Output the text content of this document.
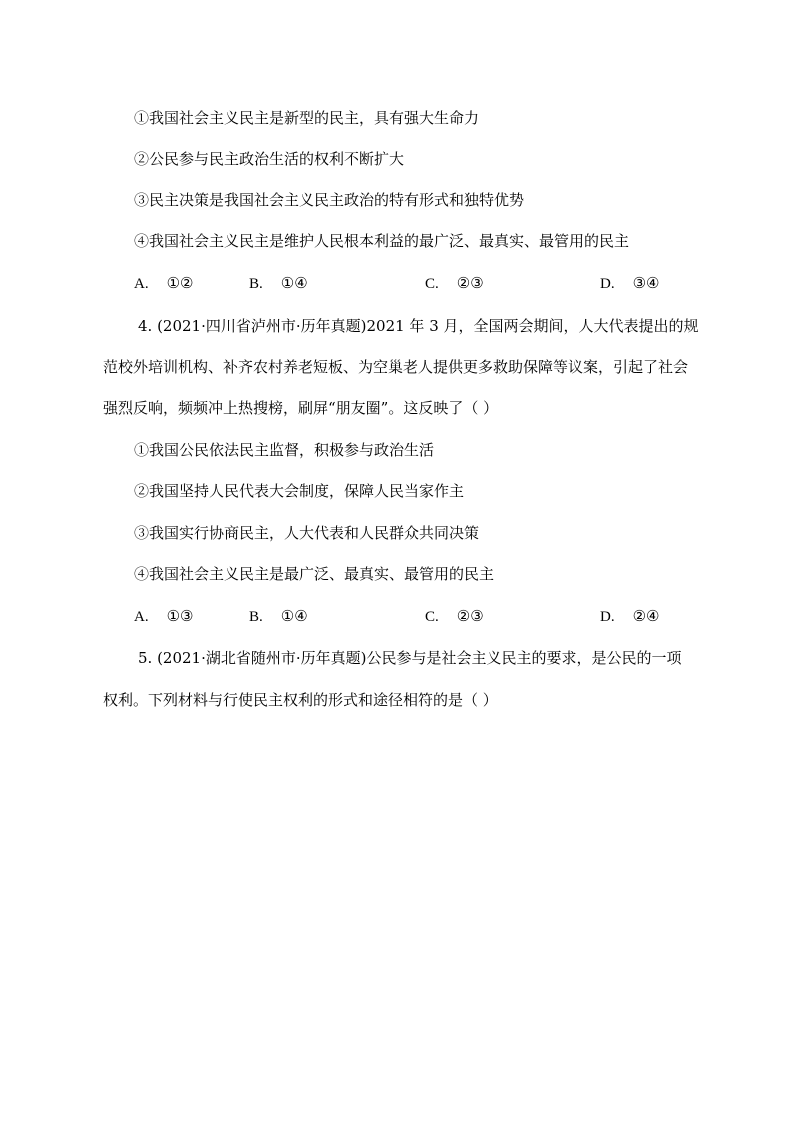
①我国社会主义民主是新型的民主，具有强大生命力
②公民参与民主政治生活的权利不断扩大
③民主决策是我国社会主义民主政治的特有形式和独特优势
④我国社会主义民主是维护人民根本利益的最广泛、最真实、最管用的民主
A. ①②	B. ①④	C. ②③	D. ③④
4. (2021·四川省泸州市·历年真题)2021 年 3 月，全国两会期间，人大代表提出的规
范校外培训机构、补齐农村养老短板、为空巢老人提供更多救助保障等议案，引起了社会
强烈反响，频频冲上热搜榜，刷屏“朋友圈”。这反映了（ ）
①我国公民依法民主监督，积极参与政治生活
②我国坚持人民代表大会制度，保障人民当家作主
③我国实行协商民主，人大代表和人民群众共同决策
④我国社会主义民主是最广泛、最真实、最管用的民主
A. ①③	B. ①④	C. ②③	D. ②④
5. (2021·湖北省随州市·历年真题)公民参与是社会主义民主的要求，是公民的一项
权利。下列材料与行使民主权利的形式和途径相符的是（ ）
